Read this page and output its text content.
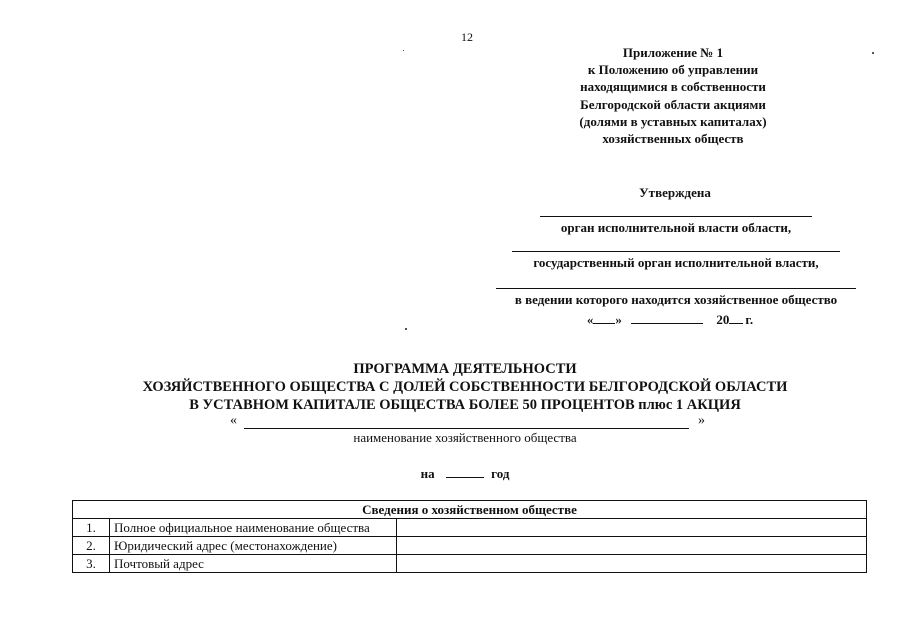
12
Приложение № 1
к Положению об управлении
находящимися в собственности
Белгородской области акциями
(долями в уставных капиталах)
хозяйственных обществ
Утверждена
орган исполнительной власти области,
государственный орган исполнительной власти,
в ведении которого находится хозяйственное общество
« »	20 г.
ПРОГРАММА ДЕЯТЕЛЬНОСТИ
ХОЗЯЙСТВЕННОГО ОБЩЕСТВА С ДОЛЕЙ СОБСТВЕННОСТИ БЕЛГОРОДСКОЙ ОБЛАСТИ
В УСТАВНОМ КАПИТАЛЕ ОБЩЕСТВА БОЛЕЕ 50 ПРОЦЕНТОВ плюс 1 АКЦИЯ
«	»
наименование хозяйственного общества
на	год
Сведения о хозяйственном обществе		
1.	Полное официальное наименование общества	
2.	Юридический адрес (местонахождение)	
3.	Почтовый адрес	
